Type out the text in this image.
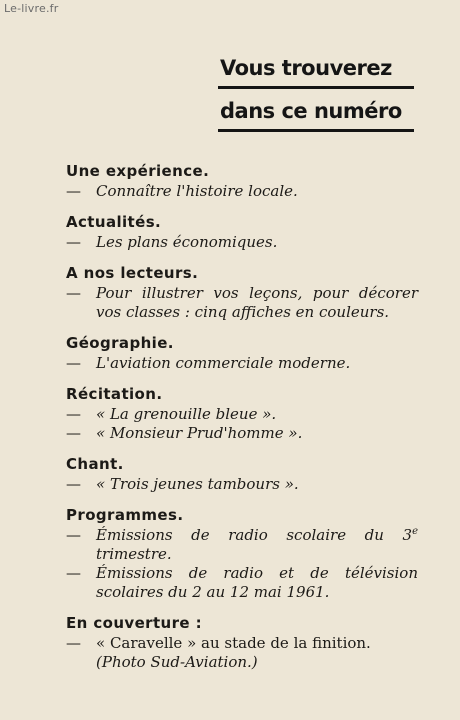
Le-livre.fr
Vous trouverez
dans ce numéro
Une expérience.
—	Connaître l'histoire locale.
Actualités.
—	Les plans économiques.
A nos lecteurs.
—	Pour illustrer vos leçons, pour décorer vos classes : cinq affiches en couleurs.
Géographie.
—	L'aviation commerciale moderne.
Récitation.
—	« La grenouille bleue ».
—	« Monsieur Prud'homme ».
Chant.
—	« Trois jeunes tambours ».
Programmes.
—	Émissions de radio scolaire du 3e trimestre.
—	Émissions de radio et de télévision scolaires du 2 au 12 mai 1961.
En couverture :
—	« Caravelle » au stade de la finition.
(Photo Sud-Aviation.)
